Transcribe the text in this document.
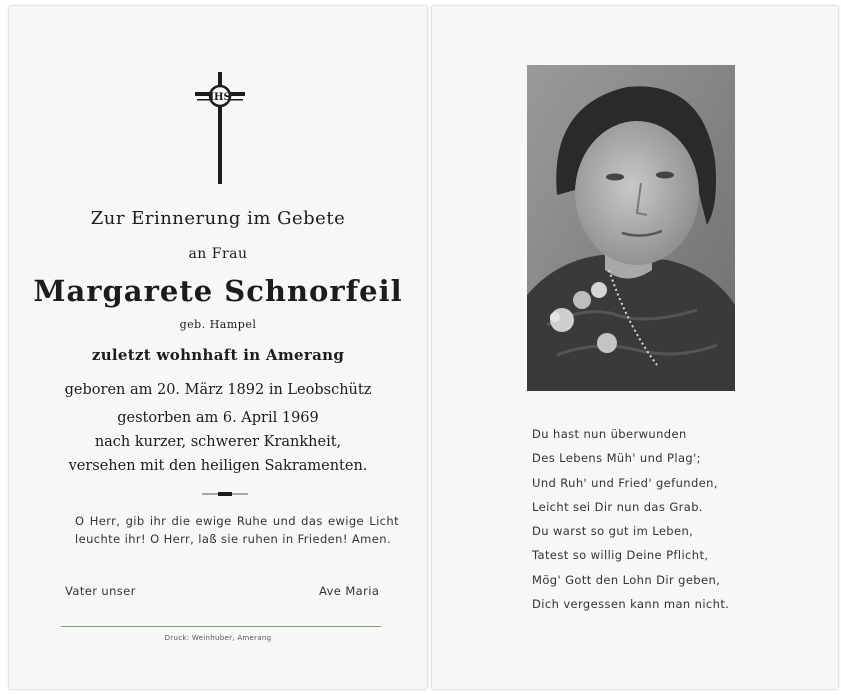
IHS
Zur Erinnerung im Gebete
an Frau
Margarete Schnorfeil
geb. Hampel
zuletzt wohnhaft in Amerang
geboren am 20. März 1892 in Leobschütz
gestorben am 6. April 1969
nach kurzer, schwerer Krankheit,
versehen mit den heiligen Sakramenten.
O Herr, gib ihr die ewige Ruhe und das ewige Licht leuchte ihr! O Herr, laß sie ruhen in Frieden! Amen.
Vater unser	Ave Maria
Druck: Weinhuber, Amerang
Du hast nun überwunden
Des Lebens Müh' und Plag';
Und Ruh' und Fried' gefunden,
Leicht sei Dir nun das Grab.
Du warst so gut im Leben,
Tatest so willig Deine Pflicht,
Mög' Gott den Lohn Dir geben,
Dich vergessen kann man nicht.
